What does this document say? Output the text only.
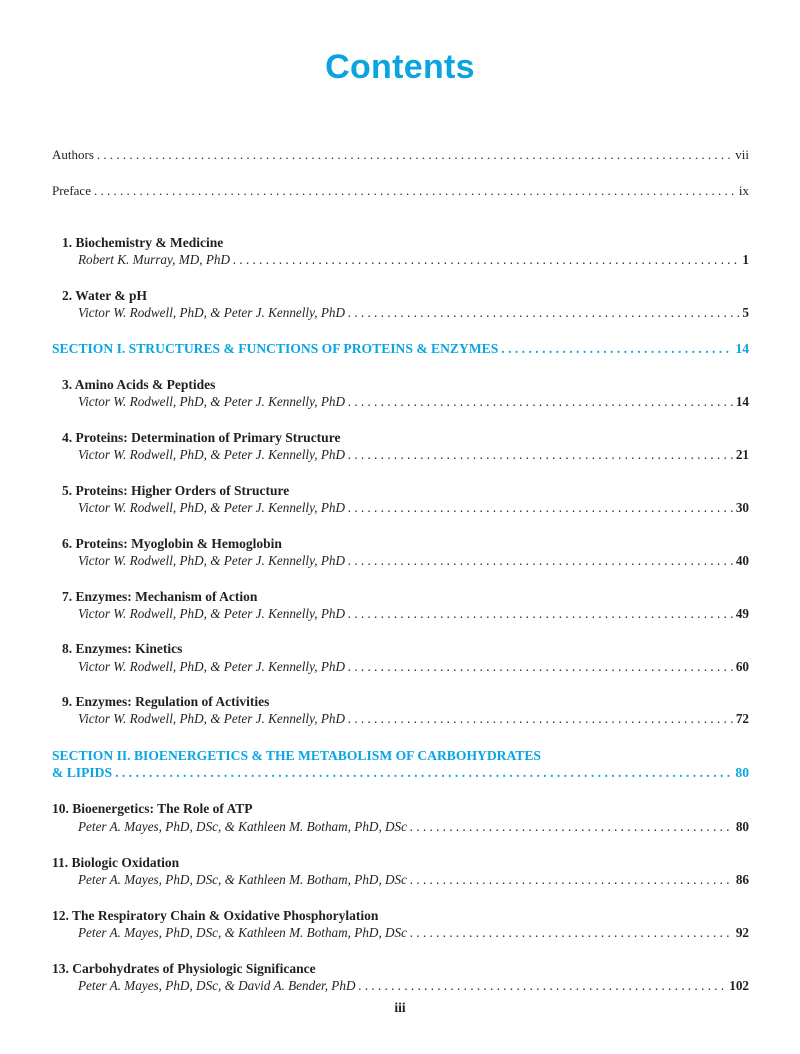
Contents
Authors . . .	vii
Preface . . .	ix
1. Biochemistry & Medicine
Robert K. Murray, MD, PhD . . .	1
2. Water & pH
Victor W. Rodwell, PhD, & Peter J. Kennelly, PhD . . .	5
SECTION I. STRUCTURES & FUNCTIONS OF PROTEINS & ENZYMES . . .	14
3. Amino Acids & Peptides
Victor W. Rodwell, PhD, & Peter J. Kennelly, PhD . . .	14
4. Proteins: Determination of Primary Structure
Victor W. Rodwell, PhD, & Peter J. Kennelly, PhD . . .	21
5. Proteins: Higher Orders of Structure
Victor W. Rodwell, PhD, & Peter J. Kennelly, PhD . . .	30
6. Proteins: Myoglobin & Hemoglobin
Victor W. Rodwell, PhD, & Peter J. Kennelly, PhD . . .	40
7. Enzymes: Mechanism of Action
Victor W. Rodwell, PhD, & Peter J. Kennelly, PhD . . .	49
8. Enzymes: Kinetics
Victor W. Rodwell, PhD, & Peter J. Kennelly, PhD . . .	60
9. Enzymes: Regulation of Activities
Victor W. Rodwell, PhD, & Peter J. Kennelly, PhD . . .	72
SECTION II. BIOENERGETICS & THE METABOLISM OF CARBOHYDRATES
& LIPIDS . . .	80
10. Bioenergetics: The Role of ATP
Peter A. Mayes, PhD, DSc, & Kathleen M. Botham, PhD, DSc . . .	80
11. Biologic Oxidation
Peter A. Mayes, PhD, DSc, & Kathleen M. Botham, PhD, DSc . . .	86
12. The Respiratory Chain & Oxidative Phosphorylation
Peter A. Mayes, PhD, DSc, & Kathleen M. Botham, PhD, DSc . . .	92
13. Carbohydrates of Physiologic Significance
Peter A. Mayes, PhD, DSc, & David A. Bender, PhD . . .	102
iii
